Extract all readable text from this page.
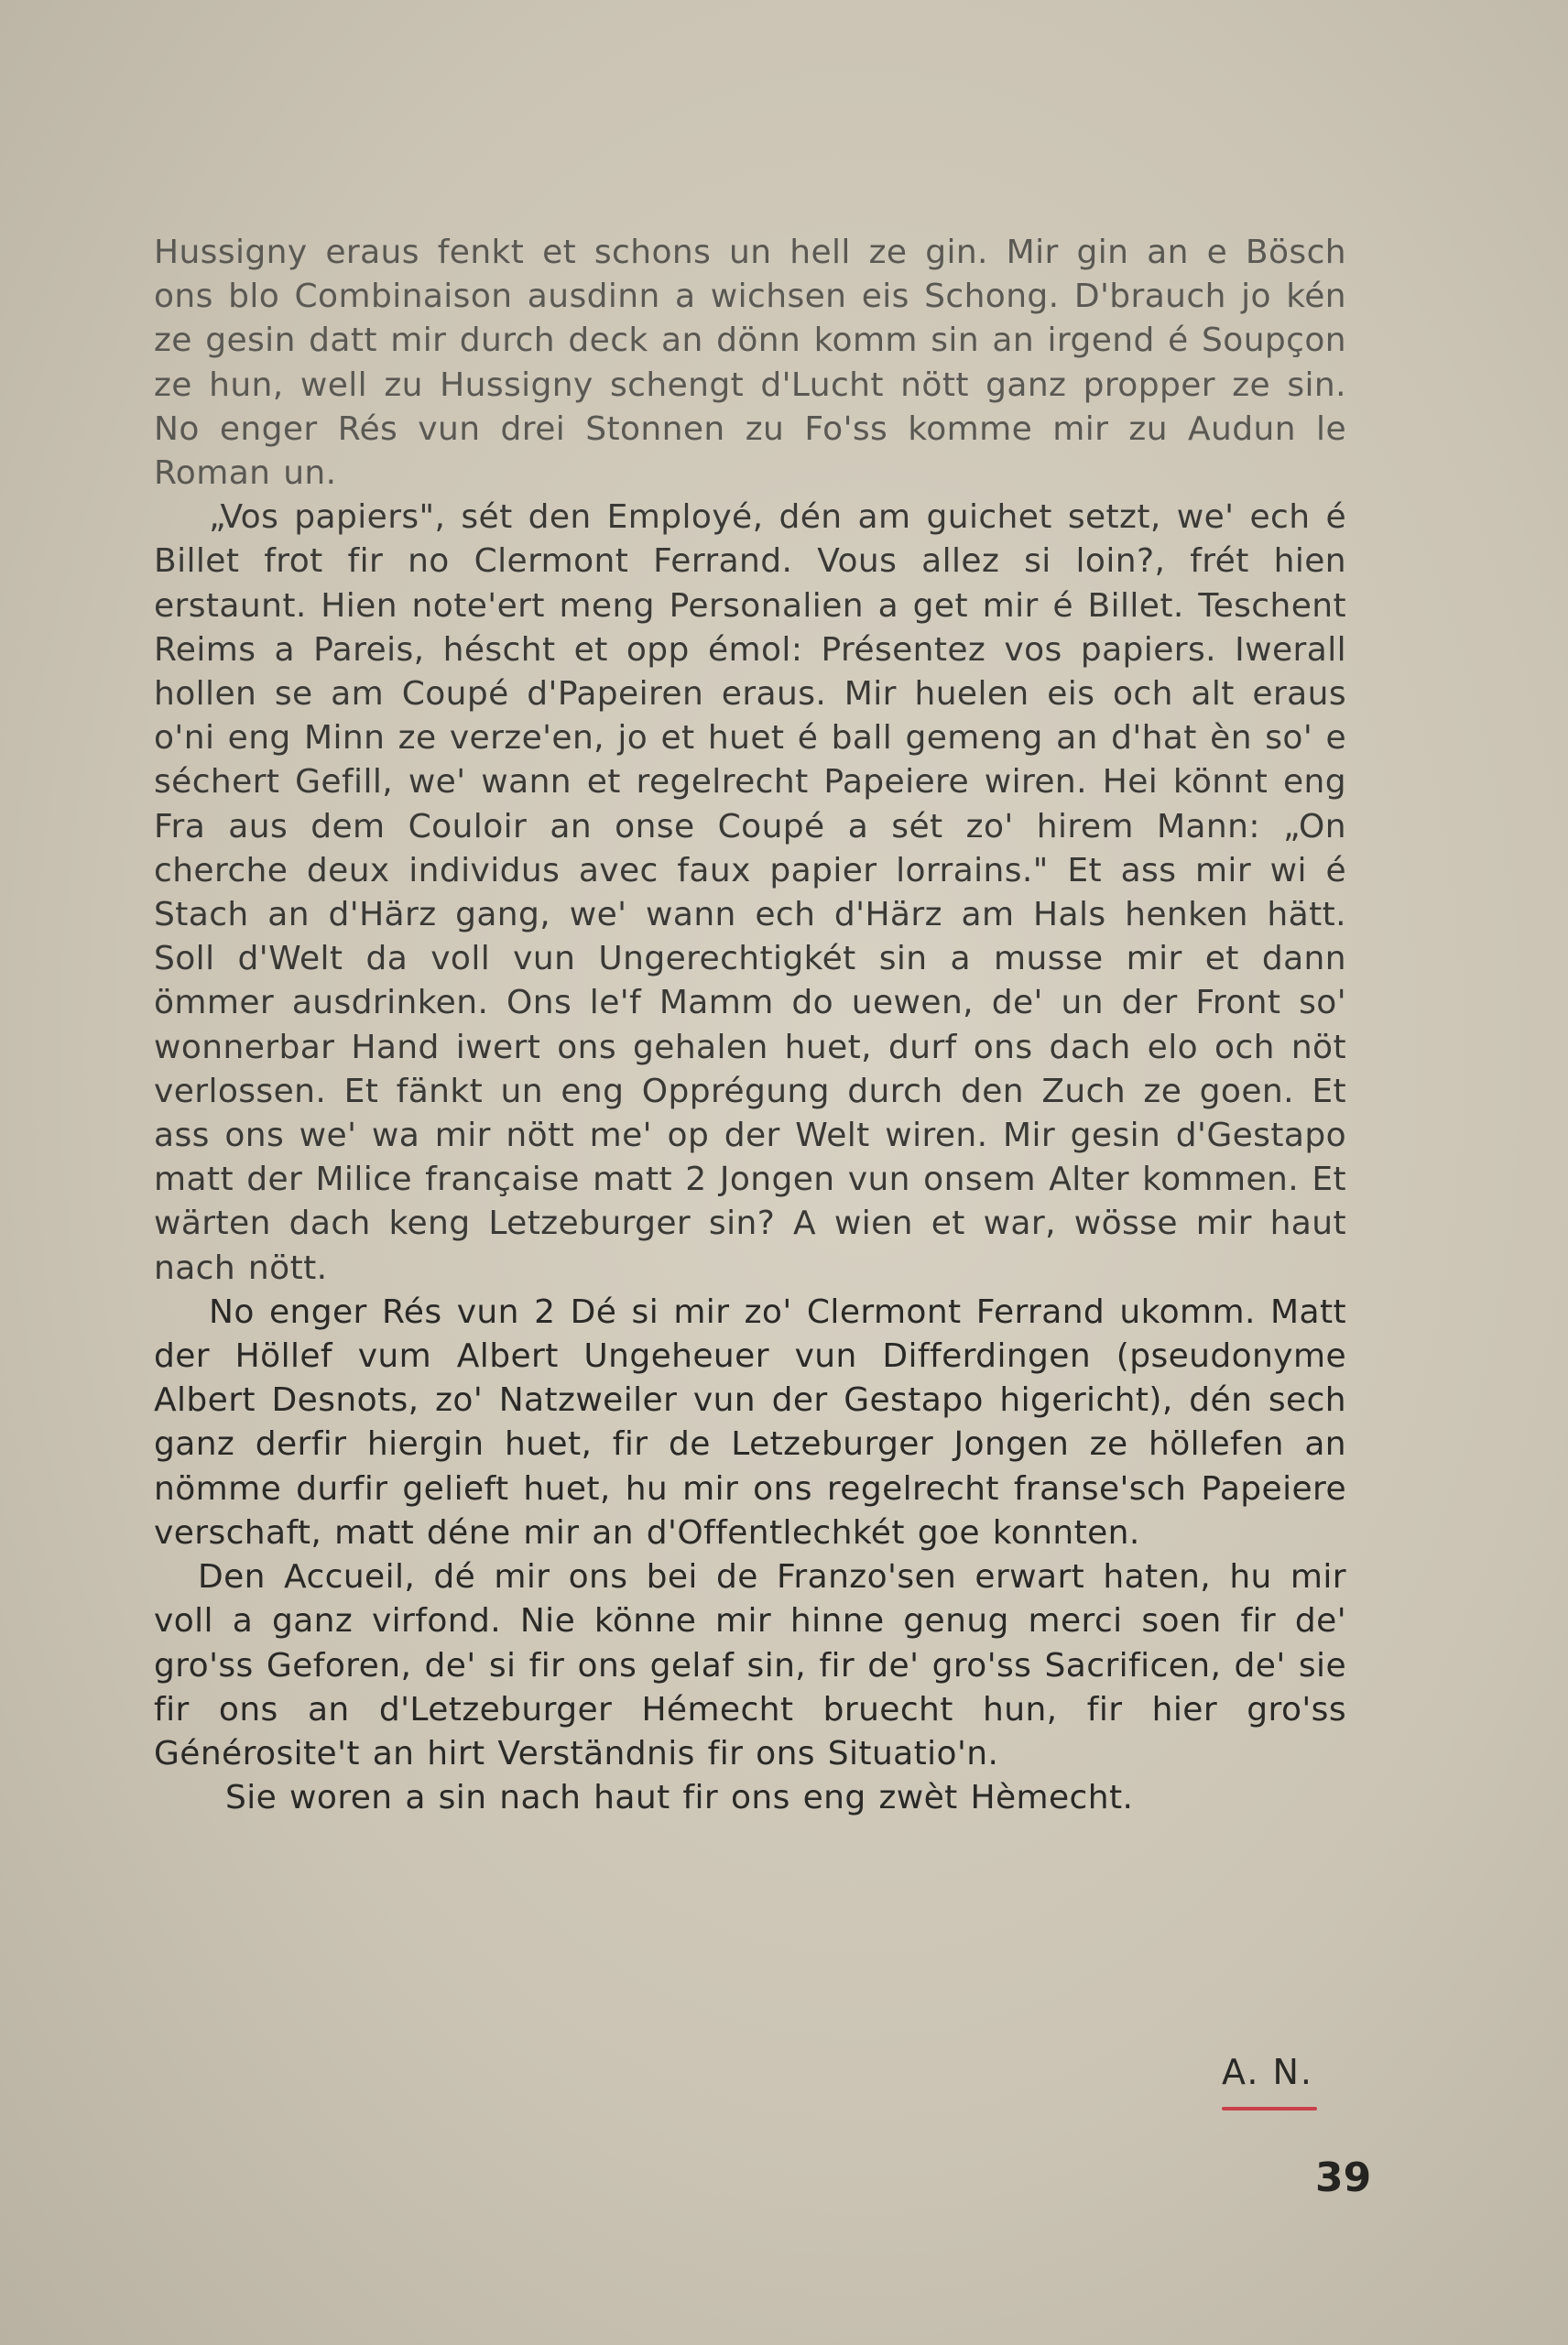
Hussigny eraus fenkt et schons un hell ze gin. Mir gin an e Bösch ons blo Combinaison ausdinn a wichsen eis Schong. D'brauch jo kén ze gesin datt mir durch deck an dönn komm sin an irgend é Soupçon ze hun, well zu Hussigny schengt d'Lucht nött ganz propper ze sin. No enger Rés vun drei Stonnen zu Fo'ss komme mir zu Audun le Roman un.

„Vos papiers", sét den Employé, dén am guichet setzt, we' ech é Billet frot fir no Clermont Ferrand. Vous allez si loin?, frét hien erstaunt. Hien note'ert meng Personalien a get mir é Billet. Teschent Reims a Pareis, héscht et opp émol: Présentez vos papiers. Iwerall hollen se am Coupé d'Papeiren eraus. Mir huelen eis och alt eraus o'ni eng Minn ze verze'en, jo et huet é ball gemeng an d'hat èn so' e séchert Gefill, we' wann et regelrecht Papeiere wiren. Hei könnt eng Fra aus dem Couloir an onse Coupé a sét zo' hirem Mann: „On cherche deux individus avec faux papier lorrains." Et ass mir wi é Stach an d'Härz gang, we' wann ech d'Härz am Hals henken hätt. Soll d'Welt da voll vun Ungerechtigkét sin a musse mir et dann ömmer ausdrinken. Ons le'f Mamm do uewen, de' un der Front so' wonnerbar Hand iwert ons gehalen huet, durf ons dach elo och nöt verlossen. Et fänkt un eng Opprégung durch den Zuch ze goen. Et ass ons we' wa mir nött me' op der Welt wiren. Mir gesin d'Gestapo matt der Milice française matt 2 Jongen vun onsem Alter kommen. Et wärten dach keng Letzeburger sin? A wien et war, wösse mir haut nach nött.

No enger Rés vun 2 Dé si mir zo' Clermont Ferrand ukomm. Matt der Höllef vum Albert Ungeheuer vun Differdingen (pseudonyme Albert Desnots, zo' Natzweiler vun der Gestapo higericht), dén sech ganz derfir hiergin huet, fir de Letzeburger Jongen ze höllefen an nömme durfir gelieft huet, hu mir ons regelrecht franse'sch Papeiere verschaft, matt déne mir an d'Offentlechkét goe konnten.

Den Accueil, dé mir ons bei de Franzo'sen erwart haten, hu mir voll a ganz virfond. Nie könne mir hinne genug merci soen fir de' gro'ss Geforen, de' si fir ons gelaf sin, fir de' gro'ss Sacrificen, de' sie fir ons an d'Letzeburger Hémecht bruecht hun, fir hier gro'ss Générosite't an hirt Verständnis fir ons Situatio'n.

Sie woren a sin nach haut fir ons eng zwèt Hèmecht.

A. N.
39
